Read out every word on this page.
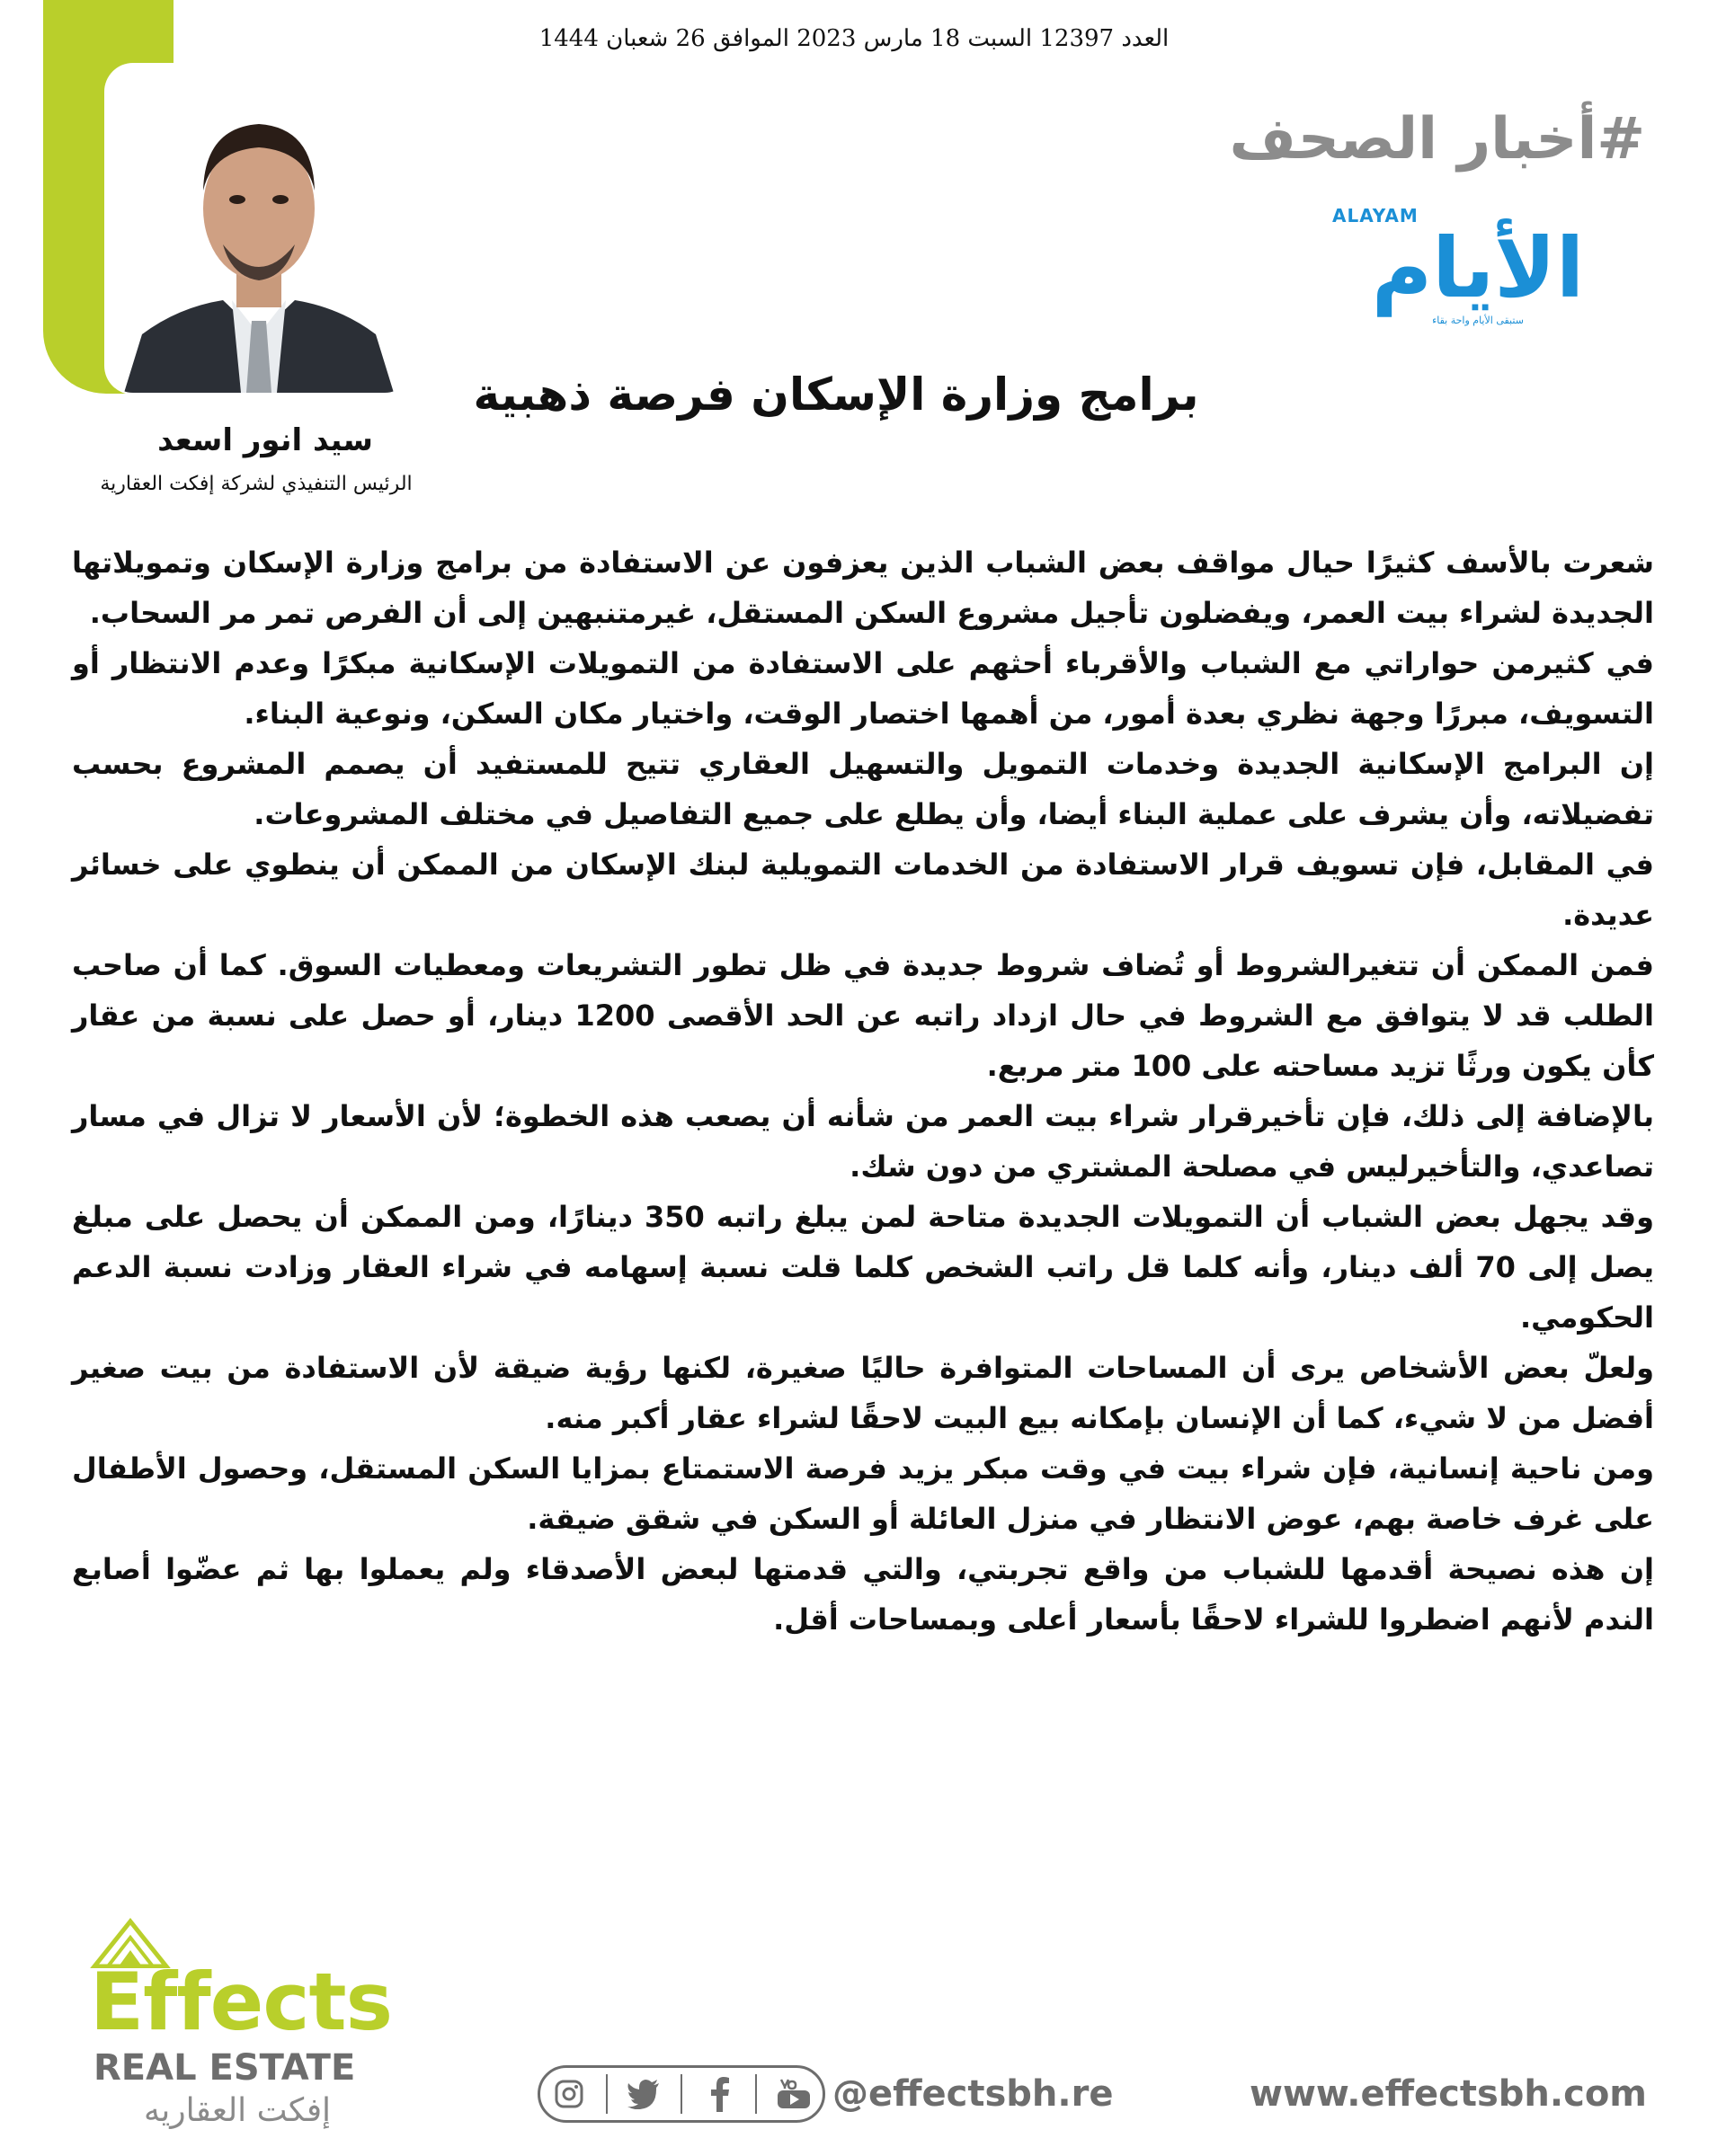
العدد 12397 السبت 18 مارس 2023 الموافق 26 شعبان 1444
#أخبار الصحف
ALAYAM
الأيام
ستبقى الأيام واحة بقاء
برامج وزارة الإسكان فرصة ذهبية
سيد انور اسعد
الرئيس التنفيذي لشركة إفكت العقارية

شعرت بالأسف كثيرًا حيال مواقف بعض الشباب الذين يعزفون عن الاستفادة من برامج وزارة الإسكان وتمويلاتها الجديدة لشراء بيت العمر، ويفضلون تأجيل مشروع السكن المستقل، غيرمتنبهين إلى أن الفرص تمر مر السحاب.

في كثيرمن حواراتي مع الشباب والأقرباء أحثهم على الاستفادة من التمويلات الإسكانية مبكرًا وعدم الانتظار أو التسويف، مبررًا وجهة نظري بعدة أمور، من أهمها اختصار الوقت، واختيار مكان السكن، ونوعية البناء.

إن البرامج الإسكانية الجديدة وخدمات التمويل والتسهيل العقاري تتيح للمستفيد أن يصمم المشروع بحسب تفضيلاته، وأن يشرف على عملية البناء أيضا، وأن يطلع على جميع التفاصيل في مختلف المشروعات.

في المقابل، فإن تسويف قرار الاستفادة من الخدمات التمويلية لبنك الإسكان من الممكن أن ينطوي على خسائر عديدة.

فمن الممكن أن تتغيرالشروط أو تُضاف شروط جديدة في ظل تطور التشريعات ومعطيات السوق. كما أن صاحب الطلب قد لا يتوافق مع الشروط في حال ازداد راتبه عن الحد الأقصى 1200 دينار، أو حصل على نسبة من عقار كأن يكون ورثًا تزيد مساحته على 100 متر مربع.

بالإضافة إلى ذلك، فإن تأخيرقرار شراء بيت العمر من شأنه أن يصعب هذه الخطوة؛ لأن الأسعار لا تزال في مسار تصاعدي، والتأخيرليس في مصلحة المشتري من دون شك.

وقد يجهل بعض الشباب أن التمويلات الجديدة متاحة لمن يبلغ راتبه 350 دينارًا، ومن الممكن أن يحصل على مبلغ يصل إلى 70 ألف دينار، وأنه كلما قل راتب الشخص كلما قلت نسبة إسهامه في شراء العقار وزادت نسبة الدعم الحكومي.

ولعلّ بعض الأشخاص يرى أن المساحات المتوافرة حاليًا صغيرة، لكنها رؤية ضيقة لأن الاستفادة من بيت صغير أفضل من لا شيء، كما أن الإنسان بإمكانه بيع البيت لاحقًا لشراء عقار أكبر منه.

ومن ناحية إنسانية، فإن شراء بيت في وقت مبكر يزيد فرصة الاستمتاع بمزايا السكن المستقل، وحصول الأطفال على غرف خاصة بهم، عوض الانتظار في منزل العائلة أو السكن في شقق ضيقة.

إن هذه نصيحة أقدمها للشباب من واقع تجربتي، والتي قدمتها لبعض الأصدقاء ولم يعملوا بها ثم عضّوا أصابع الندم لأنهم اضطروا للشراء لاحقًا بأسعار أعلى وبمساحات أقل.

Effects
REAL ESTATE
إفكت العقاريه	@effectsbh.re	www.effectsbh.com
